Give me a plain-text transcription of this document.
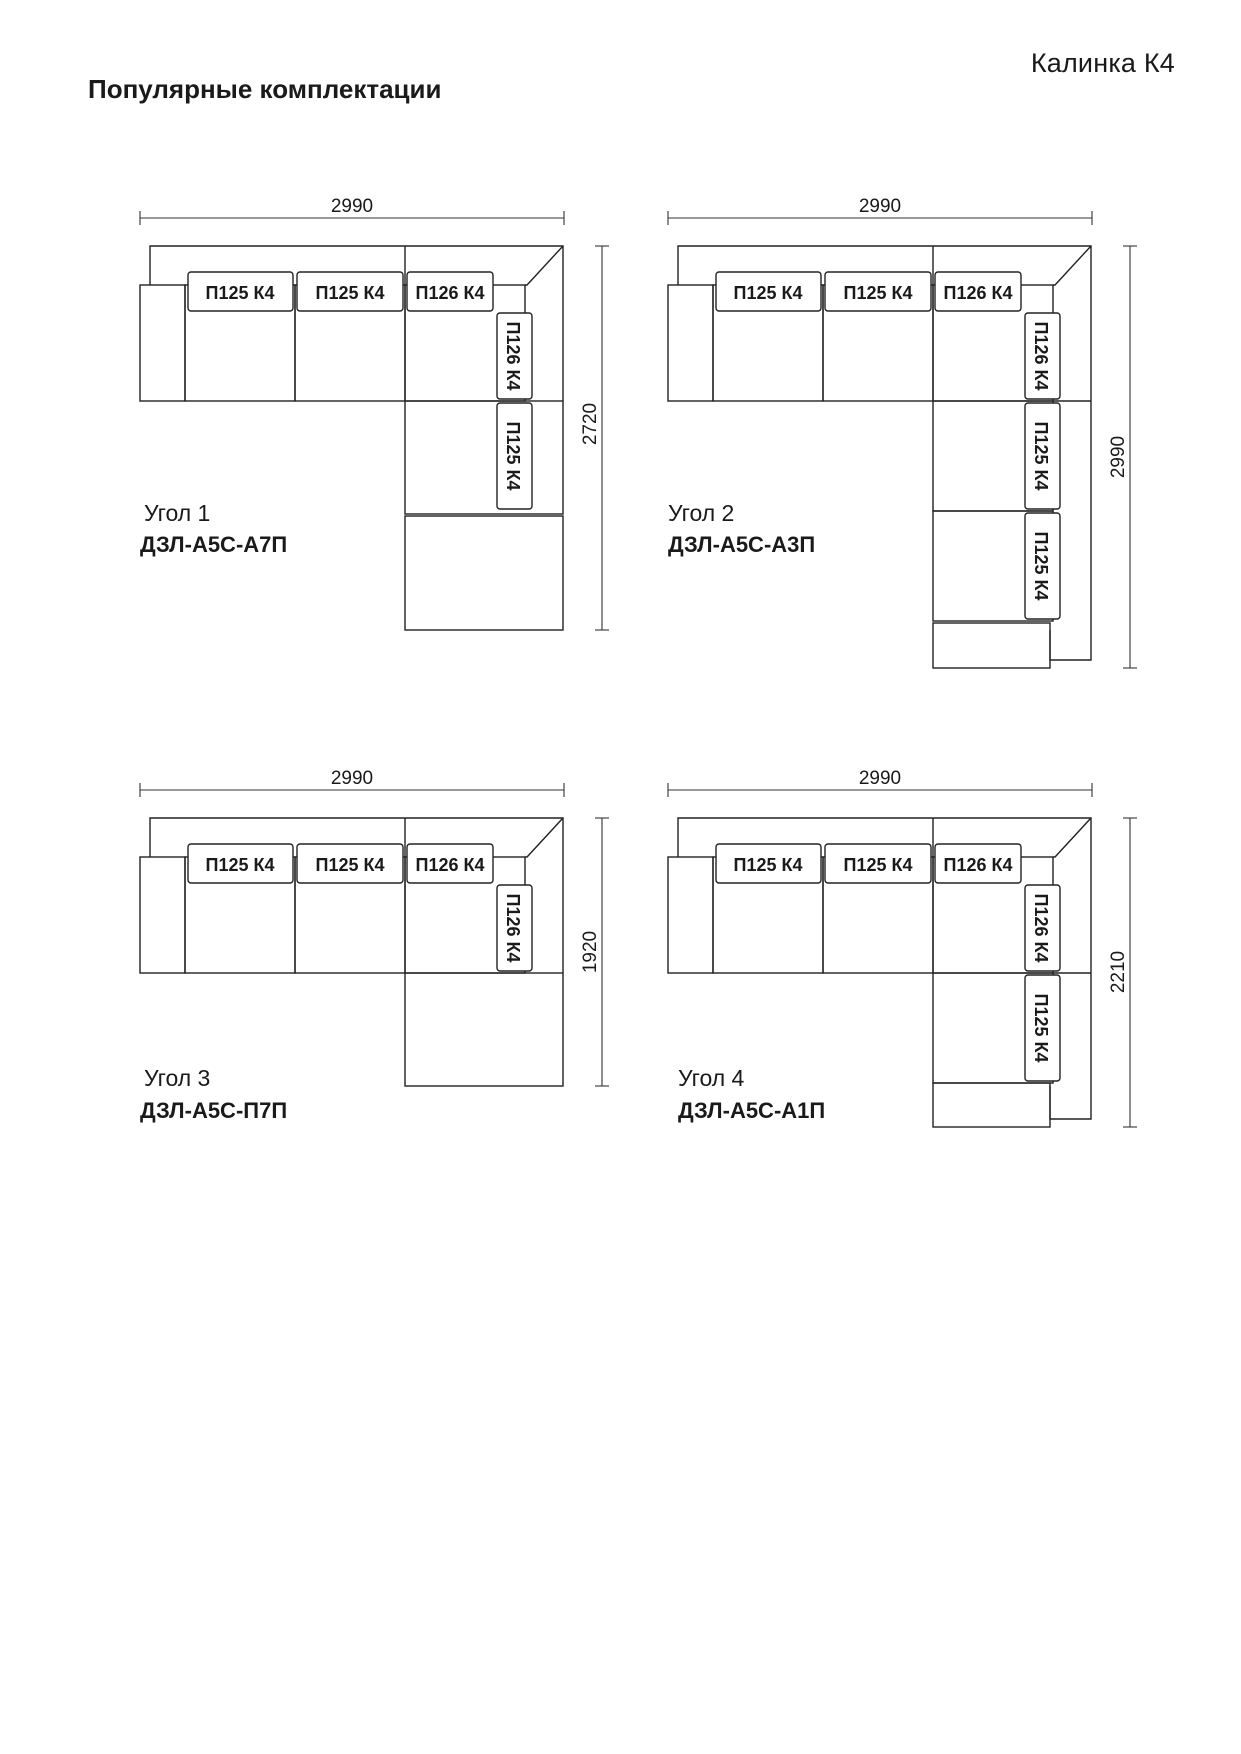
Калинка К4
Популярные комплектации
2990
2720
П125 К4 П125 К4 П126 К4
П126 К4
П125 К4
Угол 1
ДЗЛ-А5С-А7П
2990
2990
П125 К4 П125 К4 П126 К4
П126 К4
П125 К4
П125 К4
Угол 2
ДЗЛ-А5С-А3П
2990
1920
П125 К4 П125 К4 П126 К4
П126 К4
Угол 3
ДЗЛ-А5С-П7П
2990
2210
П125 К4 П125 К4 П126 К4
П126 К4
П125 К4
Угол 4
ДЗЛ-А5С-А1П
